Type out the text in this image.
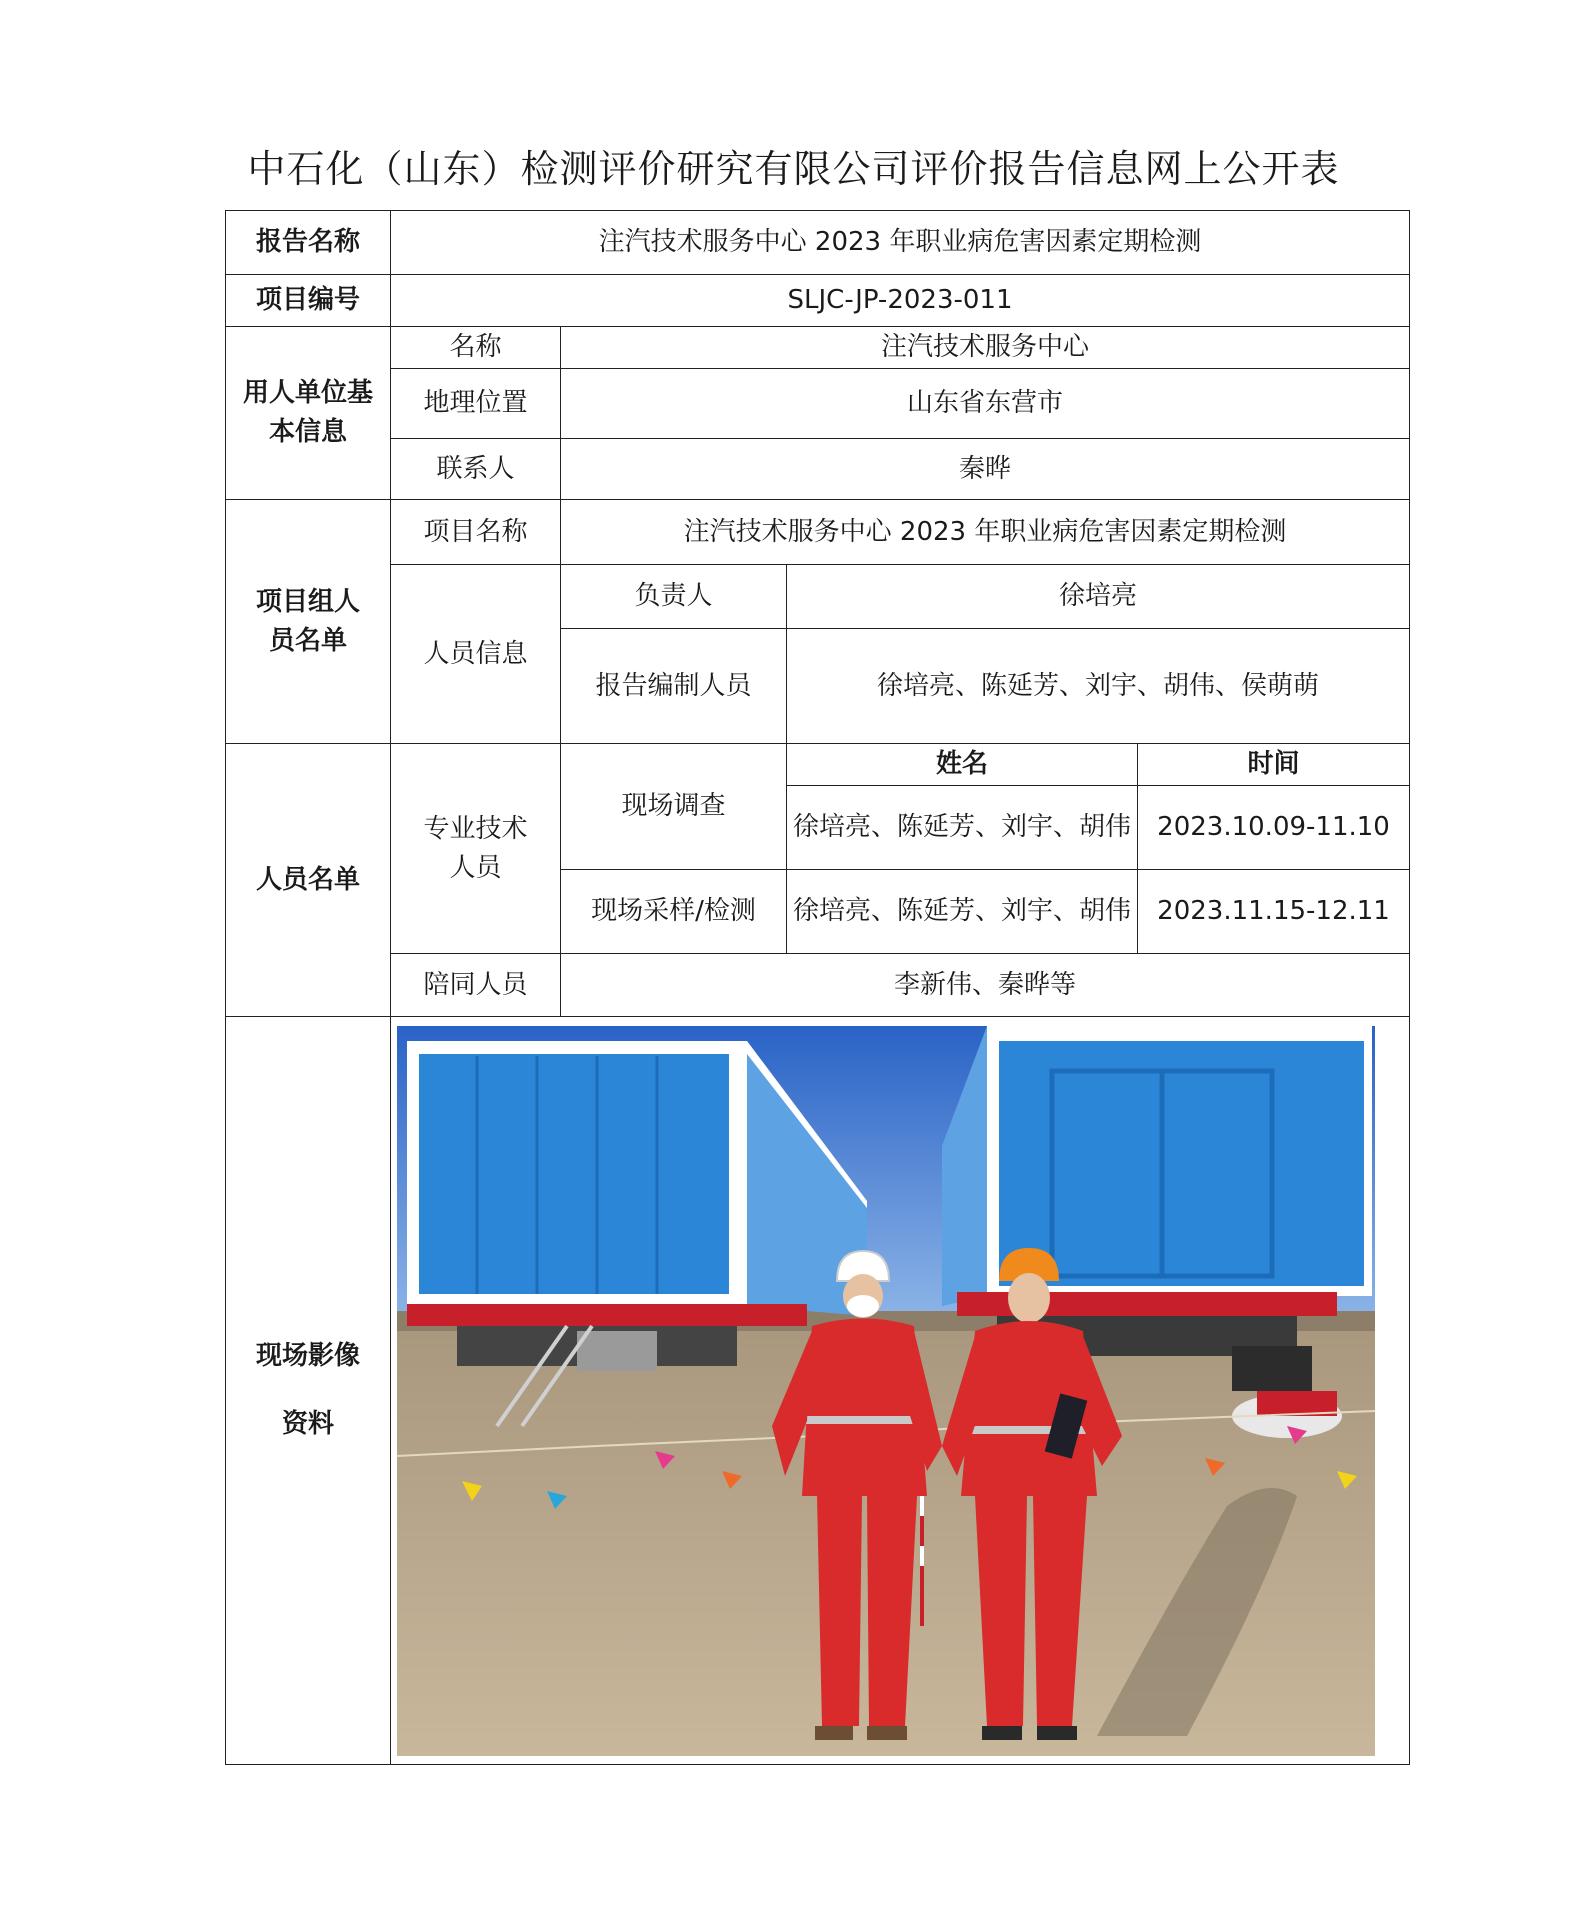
中石化（山东）检测评价研究有限公司评价报告信息网上公开表
报告名称	注汽技术服务中心 2023 年职业病危害因素定期检测			
项目编号	SLJC-JP-2023-011			
用人单位基本信息	名称	注汽技术服务中心		
	地理位置	山东省东营市		
	联系人	秦晔		
项目组人员名单	项目名称	注汽技术服务中心 2023 年职业病危害因素定期检测		
	人员信息	负责人	徐培亮	
		报告编制人员	徐培亮、陈延芳、刘宇、胡伟、侯萌萌	
人员名单	专业技术人员	现场调查	姓名	时间
			徐培亮、陈延芳、刘宇、胡伟	2023.10.09-11.10

		现场采样/检测	徐培亮、陈延芳、刘宇、胡伟	2023.11.15-12.11

	陪同人员	李新伟、秦晔等		

现场影像
资料
